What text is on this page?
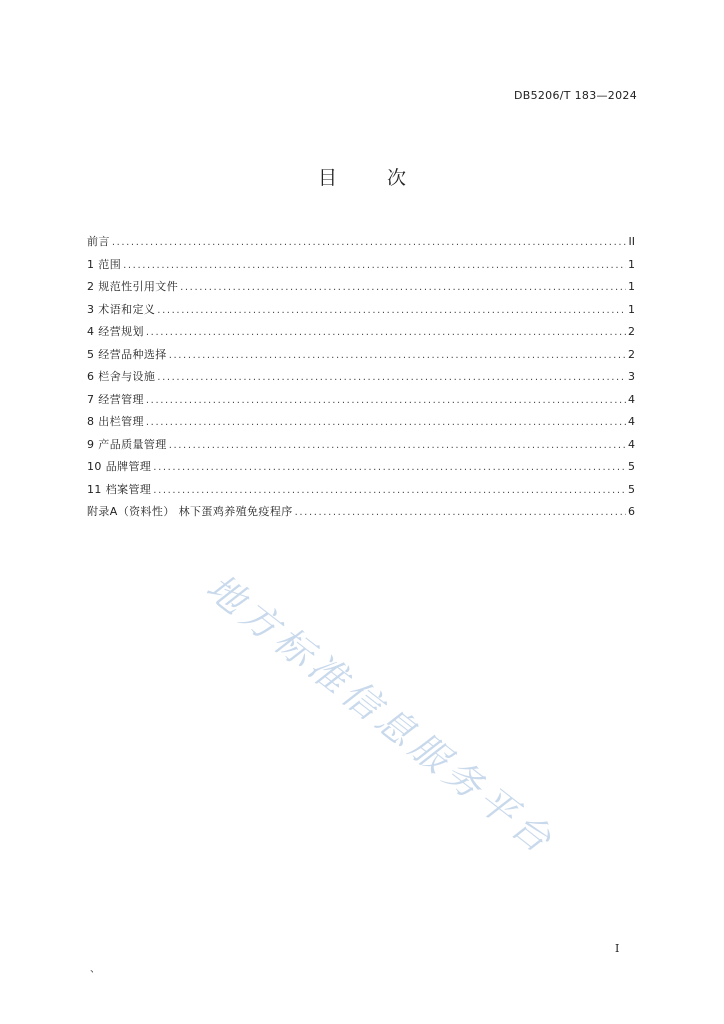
DB5206/T 183—2024
目 次
前言 .....	II
1 范围 .....	1
2 规范性引用文件 .....	1
3 术语和定义 .....	1
4 经营规划 .....	2
5 经营品种选择 .....	2
6 栏舍与设施 .....	3
7 经营管理 .....	4
8 出栏管理 .....	4
9 产品质量管理 .....	4
10 品牌管理 .....	5
11 档案管理 .....	5
附录A（资料性） 林下蛋鸡养殖免疫程序 .....	6
地方标准信息服务平台
I
、
